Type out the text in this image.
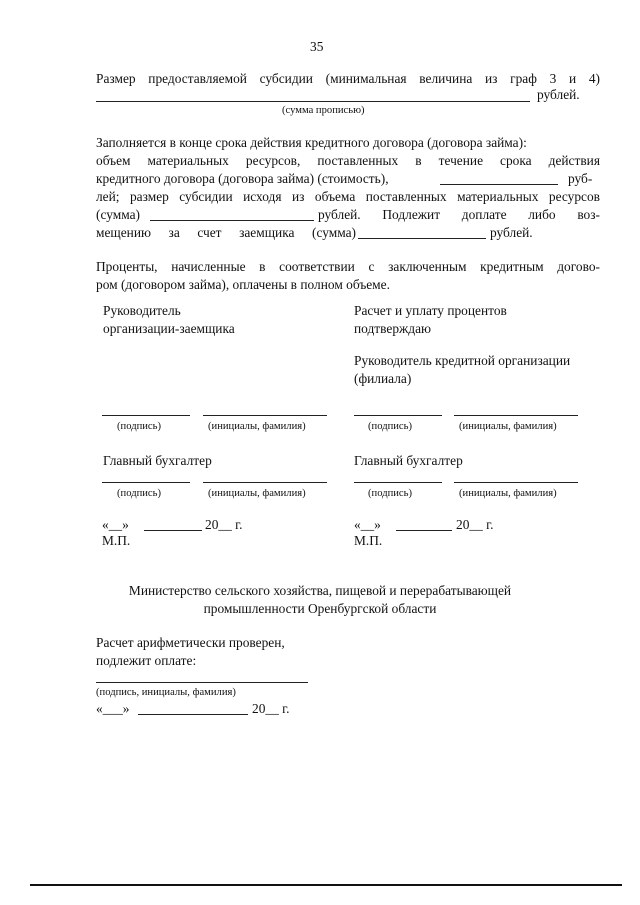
35
Размер предоставляемой субсидии (минимальная величина из граф 3 и 4)
рублей.
(сумма прописью)
Заполняется в конце срока действия кредитного договора (договора займа):
объем материальных ресурсов, поставленных в течение срока действия
кредитного договора (договора займа) (стоимость),	руб-
лей; размер субсидии исходя из объема поставленных материальных ресурсов
(сумма)	рублей. Подлежит доплате либо воз-
мещению за счет заемщика (сумма)	рублей.
Проценты, начисленные в соответствии с заключенным кредитным догово-
ром (договором займа), оплачены в полном объеме.
Руководитель
организации-заемщика
(подпись)	(инициалы, фамилия)
Главный бухгалтер
(подпись)	(инициалы, фамилия)
«__»	20__ г.
М.П.
Расчет и уплату процентов
подтверждаю
Руководитель кредитной организации
(филиала)
(подпись)	(инициалы, фамилия)
Главный бухгалтер
(подпись)	(инициалы, фамилия)
«__»	20__ г.
М.П.
Министерство сельского хозяйства, пищевой и перерабатывающей
промышленности Оренбургской области
Расчет арифметически проверен,
подлежит оплате:
(подпись, инициалы, фамилия)
«___»	20__ г.
